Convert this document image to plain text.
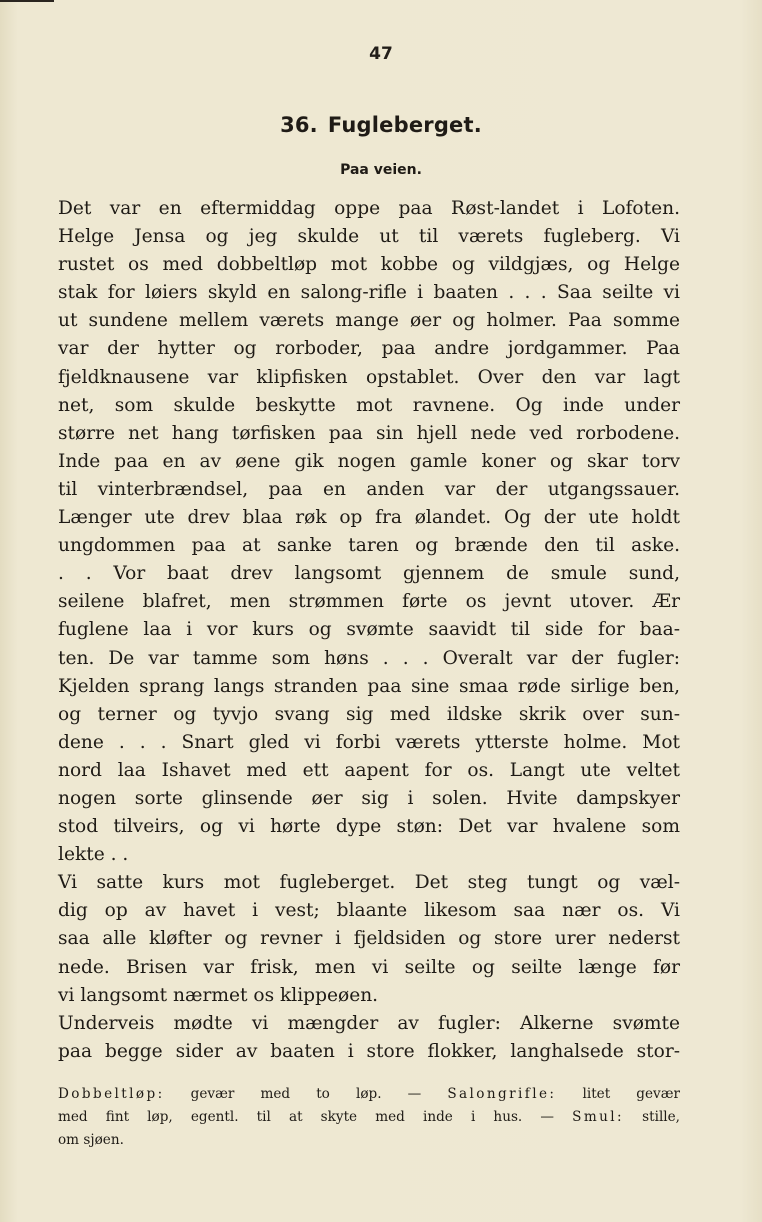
47
36. Fugleberget.
Paa veien.
Det var en eftermiddag oppe paa Røst-landet i Lofoten.
Helge Jensa og jeg skulde ut til værets fugleberg. Vi
rustet os med dobbeltløp mot kobbe og vildgjæs, og Helge
stak for løiers skyld en salong-rifle i baaten . . . Saa seilte vi
ut sundene mellem værets mange øer og holmer. Paa somme
var der hytter og rorboder, paa andre jordgammer. Paa
fjeldknausene var klipfisken opstablet. Over den var lagt
net, som skulde beskytte mot ravnene. Og inde under
større net hang tørfisken paa sin hjell nede ved rorbodene.
Inde paa en av øene gik nogen gamle koner og skar torv
til vinterbrændsel, paa en anden var der utgangssauer.
Længer ute drev blaa røk op fra ølandet. Og der ute holdt
ungdommen paa at sanke taren og brænde den til aske.
. . Vor baat drev langsomt gjennem de smule sund,
seilene blafret, men strømmen førte os jevnt utover. Ær
fuglene laa i vor kurs og svømte saavidt til side for baa-
ten. De var tamme som høns . . . Overalt var der fugler:
Kjelden sprang langs stranden paa sine smaa røde sirlige ben,
og terner og tyvjo svang sig med ildske skrik over sun-
dene . . . Snart gled vi forbi værets ytterste holme. Mot
nord laa Ishavet med ett aapent for os. Langt ute veltet
nogen sorte glinsende øer sig i solen. Hvite dampskyer
stod tilveirs, og vi hørte dype støn: Det var hvalene som
lekte . .
Vi satte kurs mot fugleberget. Det steg tungt og væl-
dig op av havet i vest; blaante likesom saa nær os. Vi
saa alle kløfter og revner i fjeldsiden og store urer nederst
nede. Brisen var frisk, men vi seilte og seilte længe før
vi langsomt nærmet os klippeøen.
Underveis mødte vi mængder av fugler: Alkerne svømte
paa begge sider av baaten i store flokker, langhalsede stor-
Dobbeltløp: gevær med to løp. — Salongrifle: litet gevær
med fint løp, egentl. til at skyte med inde i hus. — Smul: stille,
om sjøen.
